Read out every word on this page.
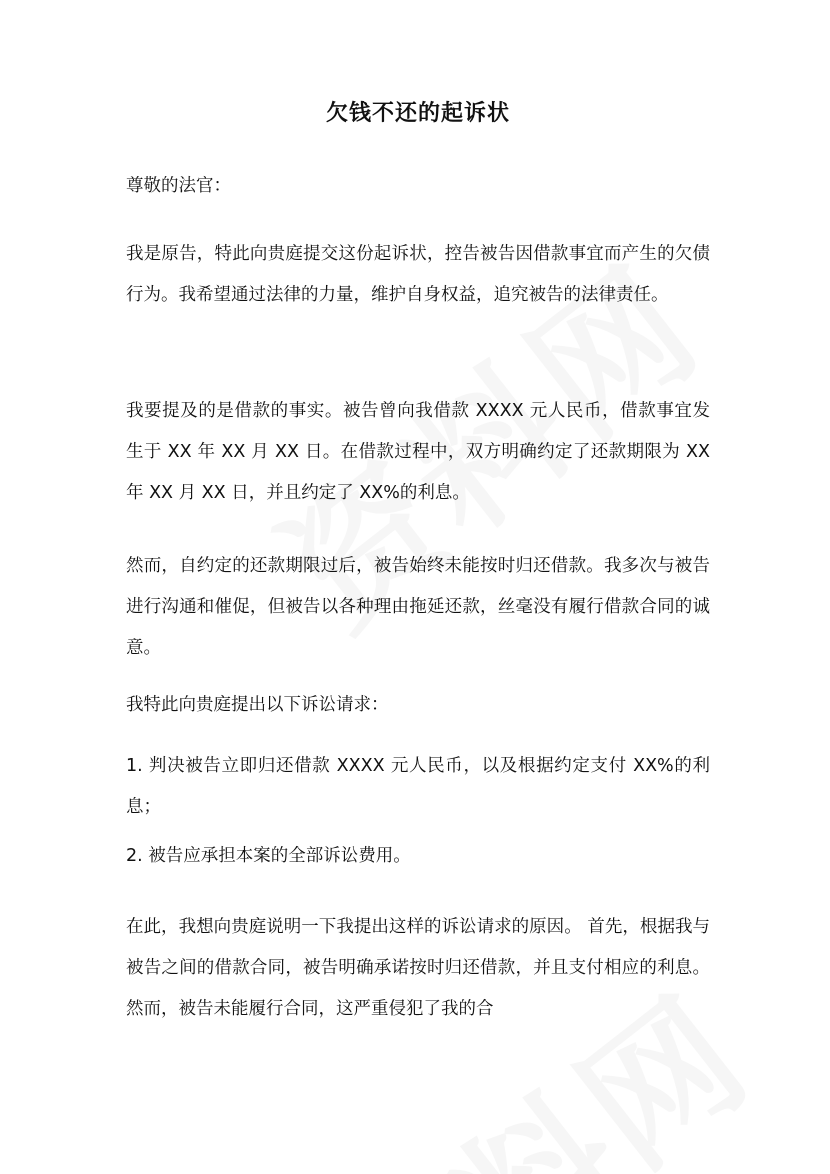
欠钱不还的起诉状

尊敬的法官：

我是原告，特此向贵庭提交这份起诉状，控告被告因借款事宜而产生的欠债行为。我希望通过法律的力量，维护自身权益，追究被告的法律责任。

我要提及的是借款的事实。被告曾向我借款 XXXX 元人民币，借款事宜发生于 XX 年 XX 月 XX 日。在借款过程中，双方明确约定了还款期限为 XX 年 XX 月 XX 日，并且约定了 XX%的利息。

然而，自约定的还款期限过后，被告始终未能按时归还借款。我多次与被告进行沟通和催促，但被告以各种理由拖延还款，丝毫没有履行借款合同的诚意。

我特此向贵庭提出以下诉讼请求：

1. 判决被告立即归还借款 XXXX 元人民币，以及根据约定支付 XX%的利息；

2. 被告应承担本案的全部诉讼费用。

在此，我想向贵庭说明一下我提出这样的诉讼请求的原因。 首先，根据我与被告之间的借款合同，被告明确承诺按时归还借款，并且支付相应的利息。然而，被告未能履行合同，这严重侵犯了我的合
